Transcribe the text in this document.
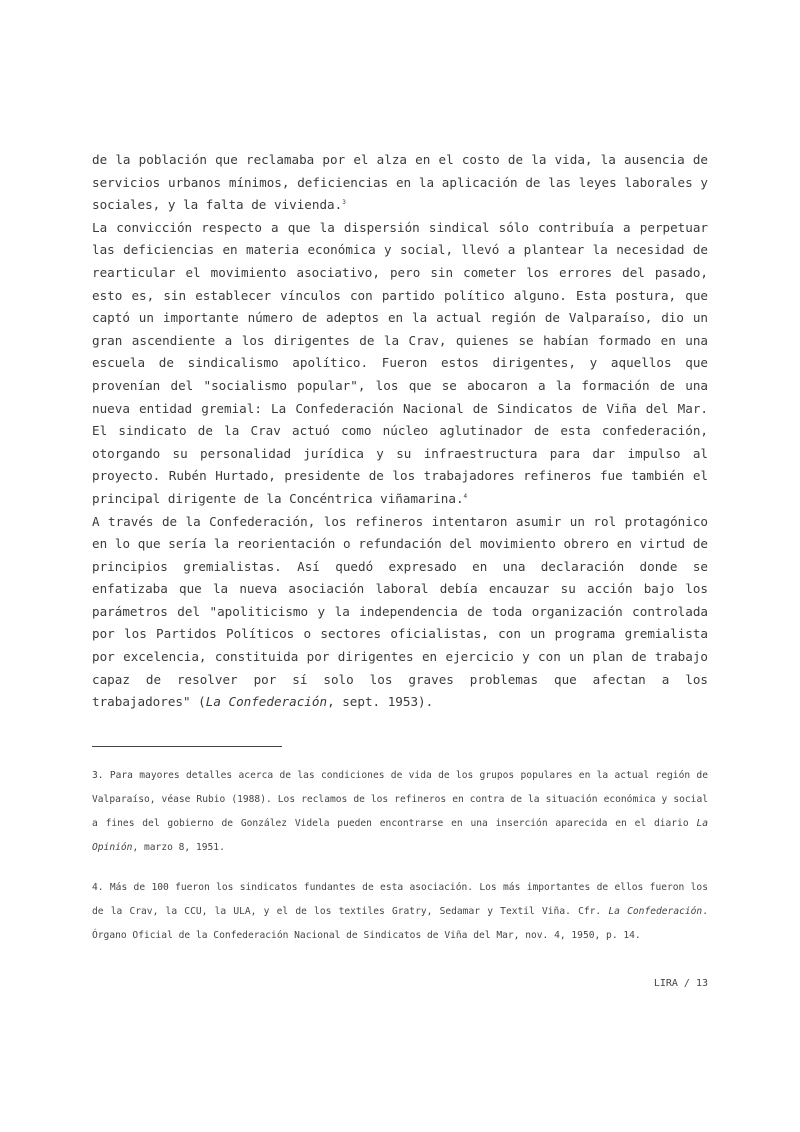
de la población que reclamaba por el alza en el costo de la vida, la ausencia de servicios urbanos mínimos, deficiencias en la aplicación de las leyes laborales y sociales, y la falta de vivienda.$^3$

La convicción respecto a que la dispersión sindical sólo contribuía a perpetuar las deficiencias en materia económica y social, llevó a plantear la necesidad de rearticular el movimiento asociativo, pero sin cometer los errores del pasado, esto es, sin establecer vínculos con partido político alguno. Esta postura, que captó un importante número de adeptos en la actual región de Valparaíso, dio un gran ascendiente a los dirigentes de la Crav, quienes se habían formado en una escuela de sindicalismo apolítico. Fueron estos dirigentes, y aquellos que provenían del "socialismo popular", los que se abocaron a la formación de una nueva entidad gremial: La Confederación Nacional de Sindicatos de Viña del Mar. El sindicato de la Crav actuó como núcleo aglutinador de esta confederación, otorgando su personalidad jurídica y su infraestructura para dar impulso al proyecto. Rubén Hurtado, presidente de los trabajadores refineros fue también el principal dirigente de la Concéntrica viñamarina.$^4$

A través de la Confederación, los refineros intentaron asumir un rol protagónico en lo que sería la reorientación o refundación del movimiento obrero en virtud de principios gremialistas. Así quedó expresado en una declaración donde se enfatizaba que la nueva asociación laboral debía encauzar su acción bajo los parámetros del "apoliticismo y la independencia de toda organización controlada por los Partidos Políticos o sectores oficialistas, con un programa gremialista por excelencia, constituida por dirigentes en ejercicio y con un plan de trabajo capaz de resolver por sí solo los graves problemas que afectan a los trabajadores" (La Confederación, sept. 1953).

3. Para mayores detalles acerca de las condiciones de vida de los grupos populares en la actual región de Valparaíso, véase Rubio (1988). Los reclamos de los refineros en contra de la situación económica y social a fines del gobierno de González Videla pueden encontrarse en una inserción aparecida en el diario La Opinión, marzo 8, 1951.

4. Más de 100 fueron los sindicatos fundantes de esta asociación. Los más importantes de ellos fueron los de la Crav, la CCU, la ULA, y el de los textiles Gratry, Sedamar y Textil Viña. Cfr. La Confederación. Órgano Oficial de la Confederación Nacional de Sindicatos de Viña del Mar, nov. 4, 1950, p. 14.

LIRA / 13
